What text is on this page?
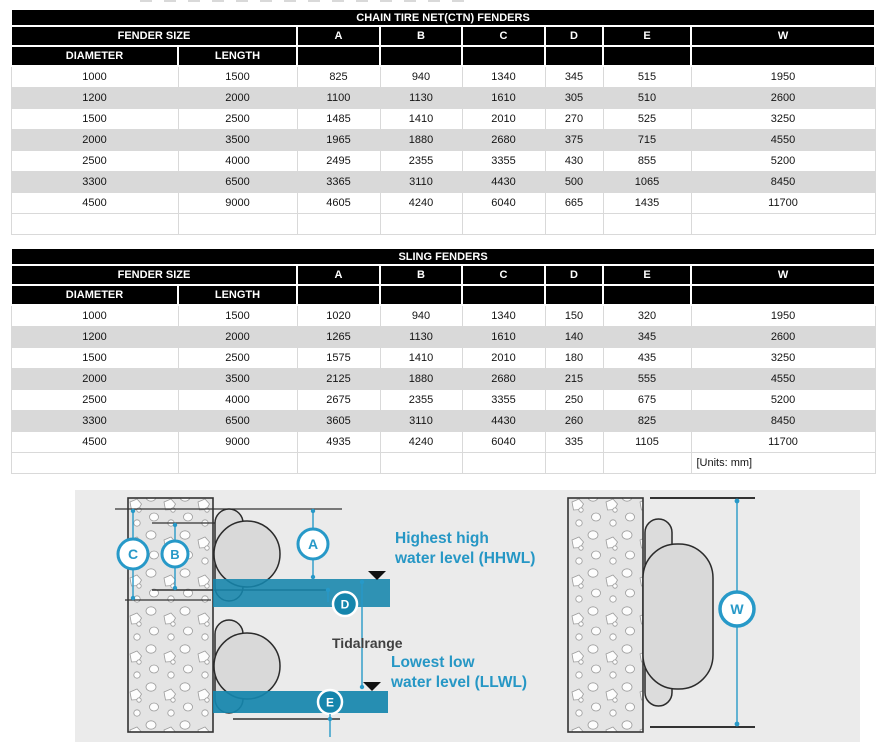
CHAIN TIRE NET(CTN) FENDERS							
FENDER SIZE		A	B	C	D	E	W
DIAMETER	LENGTH						
1000	1500	825	940	1340	345	515	1950
1200	2000	1100	1130	1610	305	510	2600
1500	2500	1485	1410	2010	270	525	3250
2000	3500	1965	1880	2680	375	715	4550
2500	4000	2495	2355	3355	430	855	5200
3300	6500	3365	3110	4430	500	1065	8450
4500	9000	4605	4240	6040	665	1435	11700

SLING FENDERS							
FENDER SIZE		A	B	C	D	E	W
DIAMETER	LENGTH						
1000	1500	1020	940	1340	150	320	1950
1200	2000	1265	1130	1610	140	345	2600
1500	2500	1575	1410	2010	180	435	3250
2000	3500	2125	1880	2680	215	555	4550
2500	4000	2675	2355	3355	250	675	5200
3300	6500	3605	3110	4430	260	825	8450
4500	9000	4935	4240	6040	335	1105	11700
							[Units: mm]
C B
A
D
E
Highest high
water level (HHWL)
Tidalrange
Lowest low
water level (LLWL)
W
